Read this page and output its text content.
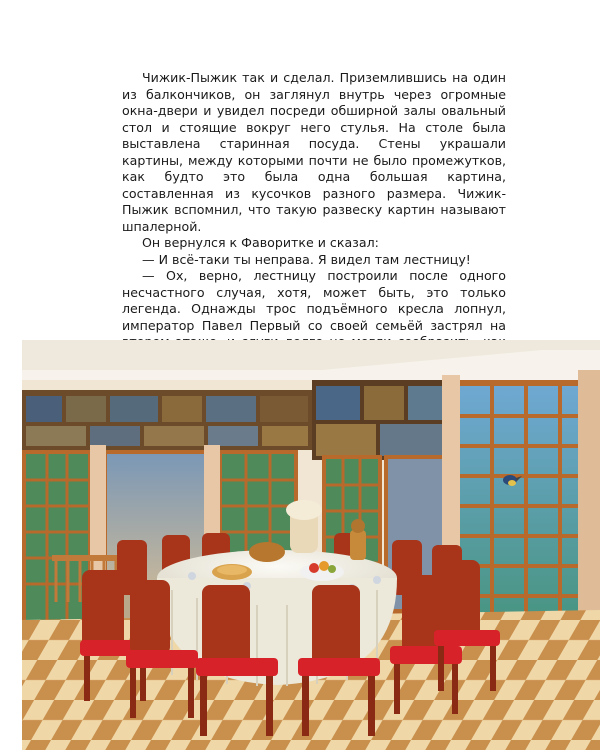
Чижик-Пыжик так и сделал. Приземлившись на один из балкончиков, он заглянул внутрь через огромные окна-двери и увидел посреди обширной залы овальный стол и стоящие вокруг него стулья. На столе была выставлена старинная посуда. Стены украшали картины, между которыми почти не было промежутков, как будто это была одна большая картина, составленная из кусочков разного размера. Чижик-Пыжик вспомнил, что такую развеску картин называют шпалерной.

Он вернулся к Фаворитке и сказал:

— И всё-таки ты неправа. Я видел там лестницу!

— Ох, верно, лестницу построили после одного несчастного случая, хотя, может быть, это только легенда. Однажды трос подъёмного кресла лопнул, император Павел Первый со своей семьёй застрял на
